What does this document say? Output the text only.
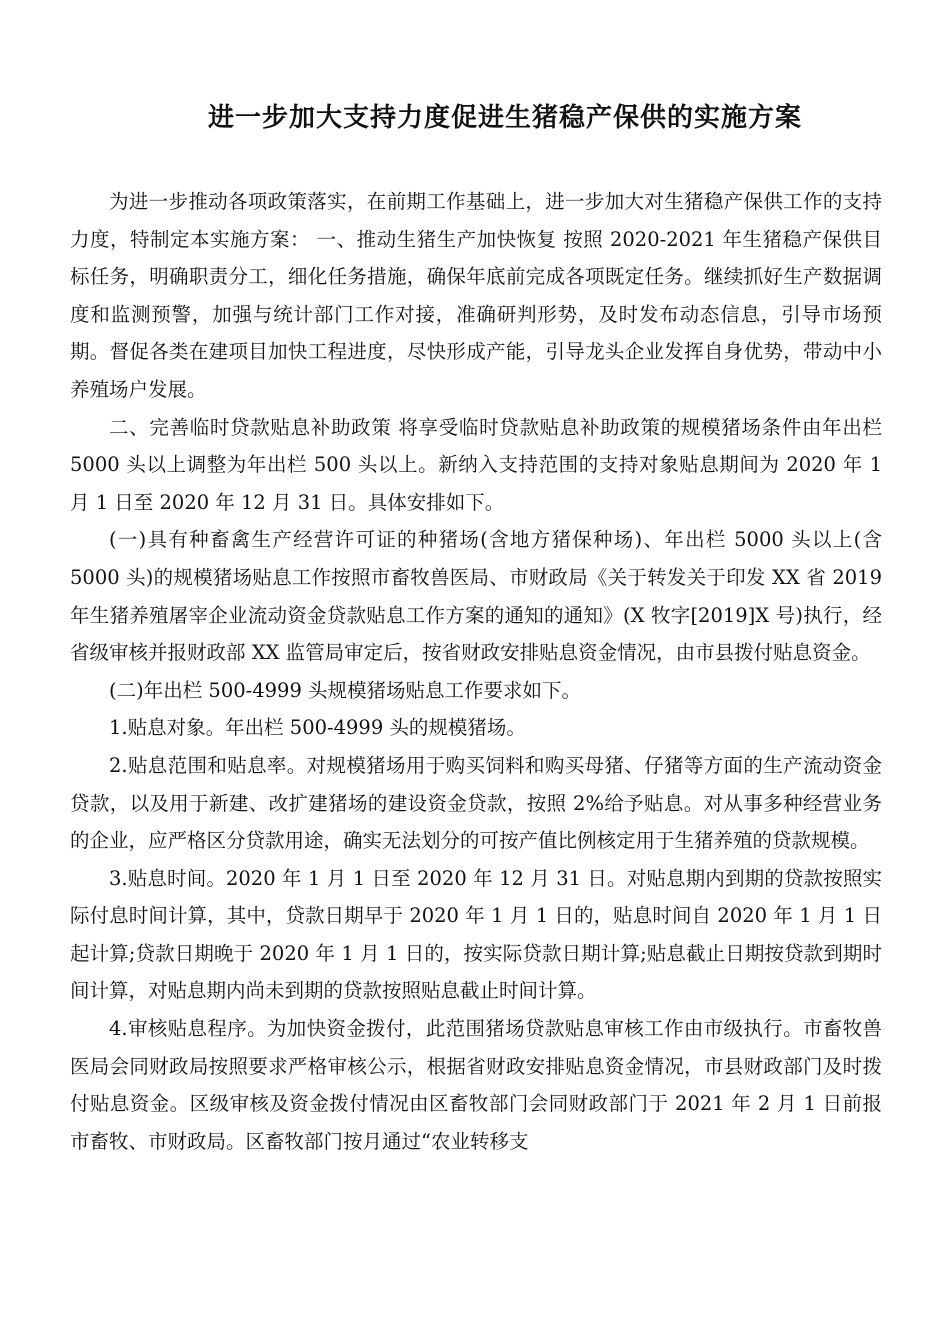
进一步加大支持力度促进生猪稳产保供的实施方案

为进一步推动各项政策落实，在前期工作基础上，进一步加大对生猪稳产保供工作的支持力度，特制定本实施方案： 一、推动生猪生产加快恢复 按照 2020-2021 年生猪稳产保供目标任务，明确职责分工，细化任务措施，确保年底前完成各项既定任务。继续抓好生产数据调度和监测预警，加强与统计部门工作对接，准确研判形势，及时发布动态信息，引导市场预期。督促各类在建项目加快工程进度，尽快形成产能，引导龙头企业发挥自身优势，带动中小养殖场户发展。

二、完善临时贷款贴息补助政策 将享受临时贷款贴息补助政策的规模猪场条件由年出栏 5000 头以上调整为年出栏 500 头以上。新纳入支持范围的支持对象贴息期间为 2020 年 1 月 1 日至 2020 年 12 月 31 日。具体安排如下。

(一)具有种畜禽生产经营许可证的种猪场(含地方猪保种场)、年出栏 5000 头以上(含 5000 头)的规模猪场贴息工作按照市畜牧兽医局、市财政局《关于转发关于印发 XX 省 2019 年生猪养殖屠宰企业流动资金贷款贴息工作方案的通知的通知》(X 牧字[2019]X 号)执行，经省级审核并报财政部 XX 监管局审定后，按省财政安排贴息资金情况，由市县拨付贴息资金。

(二)年出栏 500-4999 头规模猪场贴息工作要求如下。

1.贴息对象。年出栏 500-4999 头的规模猪场。

2.贴息范围和贴息率。对规模猪场用于购买饲料和购买母猪、仔猪等方面的生产流动资金贷款，以及用于新建、改扩建猪场的建设资金贷款，按照 2%给予贴息。对从事多种经营业务的企业，应严格区分贷款用途，确实无法划分的可按产值比例核定用于生猪养殖的贷款规模。

3.贴息时间。2020 年 1 月 1 日至 2020 年 12 月 31 日。对贴息期内到期的贷款按照实际付息时间计算，其中，贷款日期早于 2020 年 1 月 1 日的，贴息时间自 2020 年 1 月 1 日起计算;贷款日期晚于 2020 年 1 月 1 日的，按实际贷款日期计算;贴息截止日期按贷款到期时间计算，对贴息期内尚未到期的贷款按照贴息截止时间计算。

4.审核贴息程序。为加快资金拨付，此范围猪场贷款贴息审核工作由市级执行。市畜牧兽医局会同财政局按照要求严格审核公示，根据省财政安排贴息资金情况，市县财政部门及时拨付贴息资金。区级审核及资金拨付情况由区畜牧部门会同财政部门于 2021 年 2 月 1 日前报市畜牧、市财政局。区畜牧部门按月通过“农业转移支
